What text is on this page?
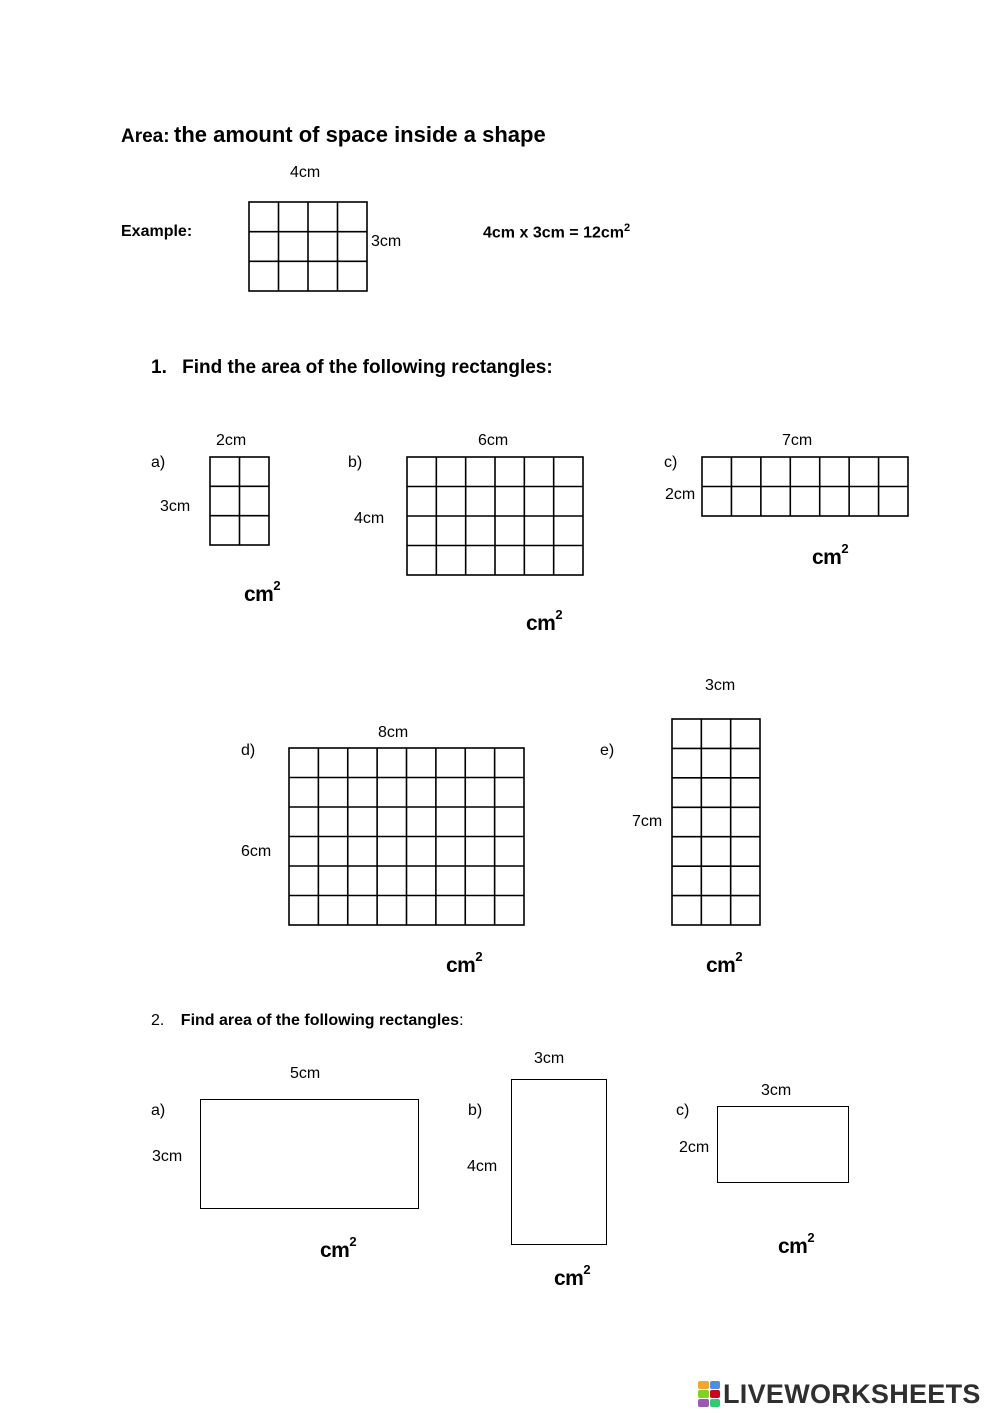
Area: the amount of space inside a shape
4cm
Example:
3cm
4cm x $3cm = 12cm^2$
1. Find the area of the following rectangles:
2cm
a)
3cm
$cm^2$
6cm
b)
4cm
$cm^2$
7cm
c)
2cm
$cm^2$
8cm
d)
6cm
$cm^2$
3cm
e)
7cm
$cm^2$
2. Find area of the following rectangles:
5cm
a)
3cm
$cm^2$
3cm
b)
4cm
$cm^2$
3cm
c)
2cm
$cm^2$
LIVEWORKSHEETS
